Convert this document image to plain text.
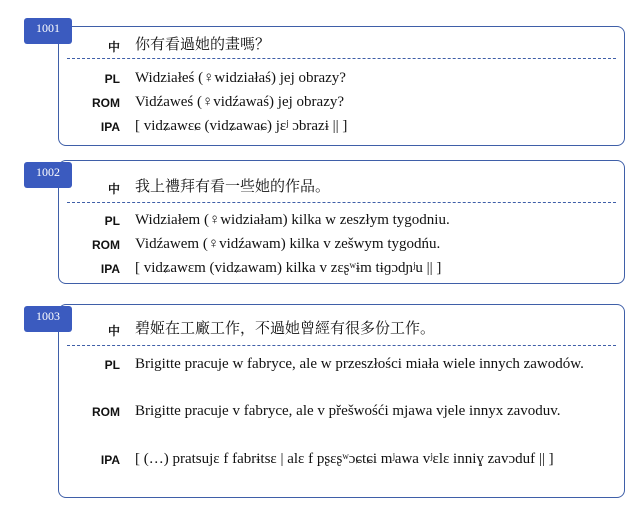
1001
中 你有看過她的畫嗎？
PL Widziałeś (♀widziałaś) jej obrazy?
ROM Vidźaweś (♀vidźawaś) jej obrazy?
IPA [ vidʑawɛɕ (vidʑawaɕ) jɛʲ ɔbrazɨ || ]
1002
中 我上禮拜有看一些她的作品。
PL Widziałem (♀widziałam) kilka w zeszłym tygodniu.
ROM Vidźawem (♀vidźawam) kilka v zešwym tygodńu.
IPA [ vidʑawɛm (vidʑawam) kilka v zɛʂʷɨm tɨɡɔdɲʲu || ]
1003
中 碧姬在工廠工作，不過她曾經有很多份工作。
PL Brigitte pracuje w fabryce, ale w przeszłości miała wiele innych zawodów.
ROM Brigitte pracuje v fabryce, ale v přešwośći mjawa vjele innyx zavoduv.
IPA [ (…) pratsujɛ f fabrɨtsɛ | alɛ f pʂɛʂʷɔɕtɕi mʲawa vʲɛlɛ inniɣ zavɔduf || ]
